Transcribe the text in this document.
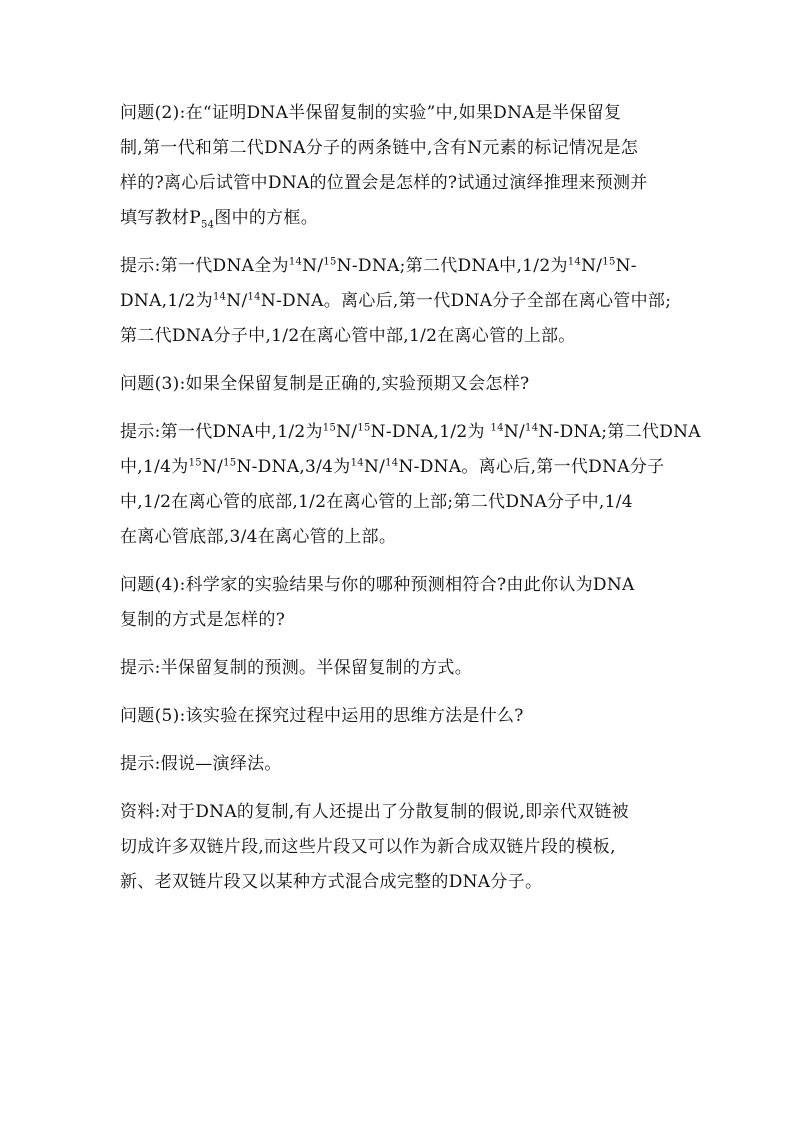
问题(2):在“证明DNA半保留复制的实验”中,如果DNA是半保留复
制,第一代和第二代DNA分子的两条链中,含有N元素的标记情况是怎
样的?离心后试管中DNA的位置会是怎样的?试通过演绎推理来预测并
填写教材$P_{54}$图中的方框。

提示:第一代DNA全为$^{14}$N/$^{15}$N-DNA;第二代DNA中,1/2为$^{14}$N/$^{15}$N-
DNA,1/2为$^{14}$N/$^{14}$N-DNA。离心后,第一代DNA分子全部在离心管中部;
第二代DNA分子中,1/2在离心管中部,1/2在离心管的上部。

问题(3):如果全保留复制是正确的,实验预期又会怎样?

提示:第一代DNA中,1/2为$^{15}$N/$^{15}$N-DNA,1/2为 $^{14}$N/$^{14}$N-DNA;第二代DNA
中,1/4为$^{15}$N/$^{15}$N-DNA,3/4为$^{14}$N/$^{14}$N-DNA。离心后,第一代DNA分子
中,1/2在离心管的底部,1/2在离心管的上部;第二代DNA分子中,1/4
在离心管底部,3/4在离心管的上部。

问题(4):科学家的实验结果与你的哪种预测相符合?由此你认为DNA
复制的方式是怎样的?

提示:半保留复制的预测。半保留复制的方式。

问题(5):该实验在探究过程中运用的思维方法是什么?

提示:假说—演绎法。

资料:对于DNA的复制,有人还提出了分散复制的假说,即亲代双链被
切成许多双链片段,而这些片段又可以作为新合成双链片段的模板,
新、老双链片段又以某种方式混合成完整的DNA分子。
